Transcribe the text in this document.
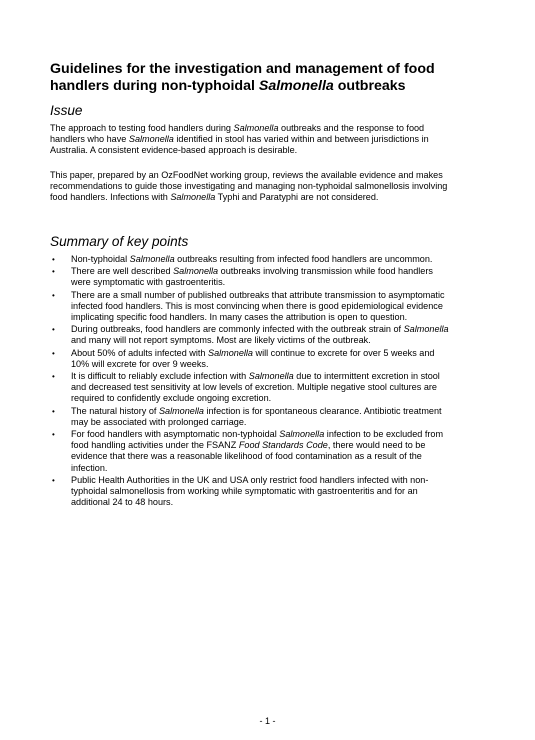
Guidelines for the investigation and management of food
handlers during non-typhoidal Salmonella outbreaks
Issue

The approach to testing food handlers during Salmonella outbreaks and the response to food
handlers who have Salmonella identified in stool has varied within and between jurisdictions in
Australia. A consistent evidence-based approach is desirable.

This paper, prepared by an OzFoodNet working group, reviews the available evidence and makes
recommendations to guide those investigating and managing non-typhoidal salmonellosis involving
food handlers. Infections with Salmonella Typhi and Paratyphi are not considered.

Summary of key points
• Non-typhoidal Salmonella outbreaks resulting from infected food handlers are uncommon.
• There are well described Salmonella outbreaks involving transmission while food handlers
were symptomatic with gastroenteritis.
• There are a small number of published outbreaks that attribute transmission to asymptomatic
infected food handlers. This is most convincing when there is good epidemiological evidence
implicating specific food handlers. In many cases the attribution is open to question.
• During outbreaks, food handlers are commonly infected with the outbreak strain of Salmonella
and many will not report symptoms. Most are likely victims of the outbreak.
• About 50% of adults infected with Salmonella will continue to excrete for over 5 weeks and
10% will excrete for over 9 weeks.
• It is difficult to reliably exclude infection with Salmonella due to intermittent excretion in stool
and decreased test sensitivity at low levels of excretion. Multiple negative stool cultures are
required to confidently exclude ongoing excretion.
• The natural history of Salmonella infection is for spontaneous clearance. Antibiotic treatment
may be associated with prolonged carriage.
• For food handlers with asymptomatic non-typhoidal Salmonella infection to be excluded from
food handling activities under the FSANZ Food Standards Code, there would need to be
evidence that there was a reasonable likelihood of food contamination as a result of the
infection.
• Public Health Authorities in the UK and USA only restrict food handlers infected with non-
typhoidal salmonellosis from working while symptomatic with gastroenteritis and for an
additional 24 to 48 hours.
- 1 -
